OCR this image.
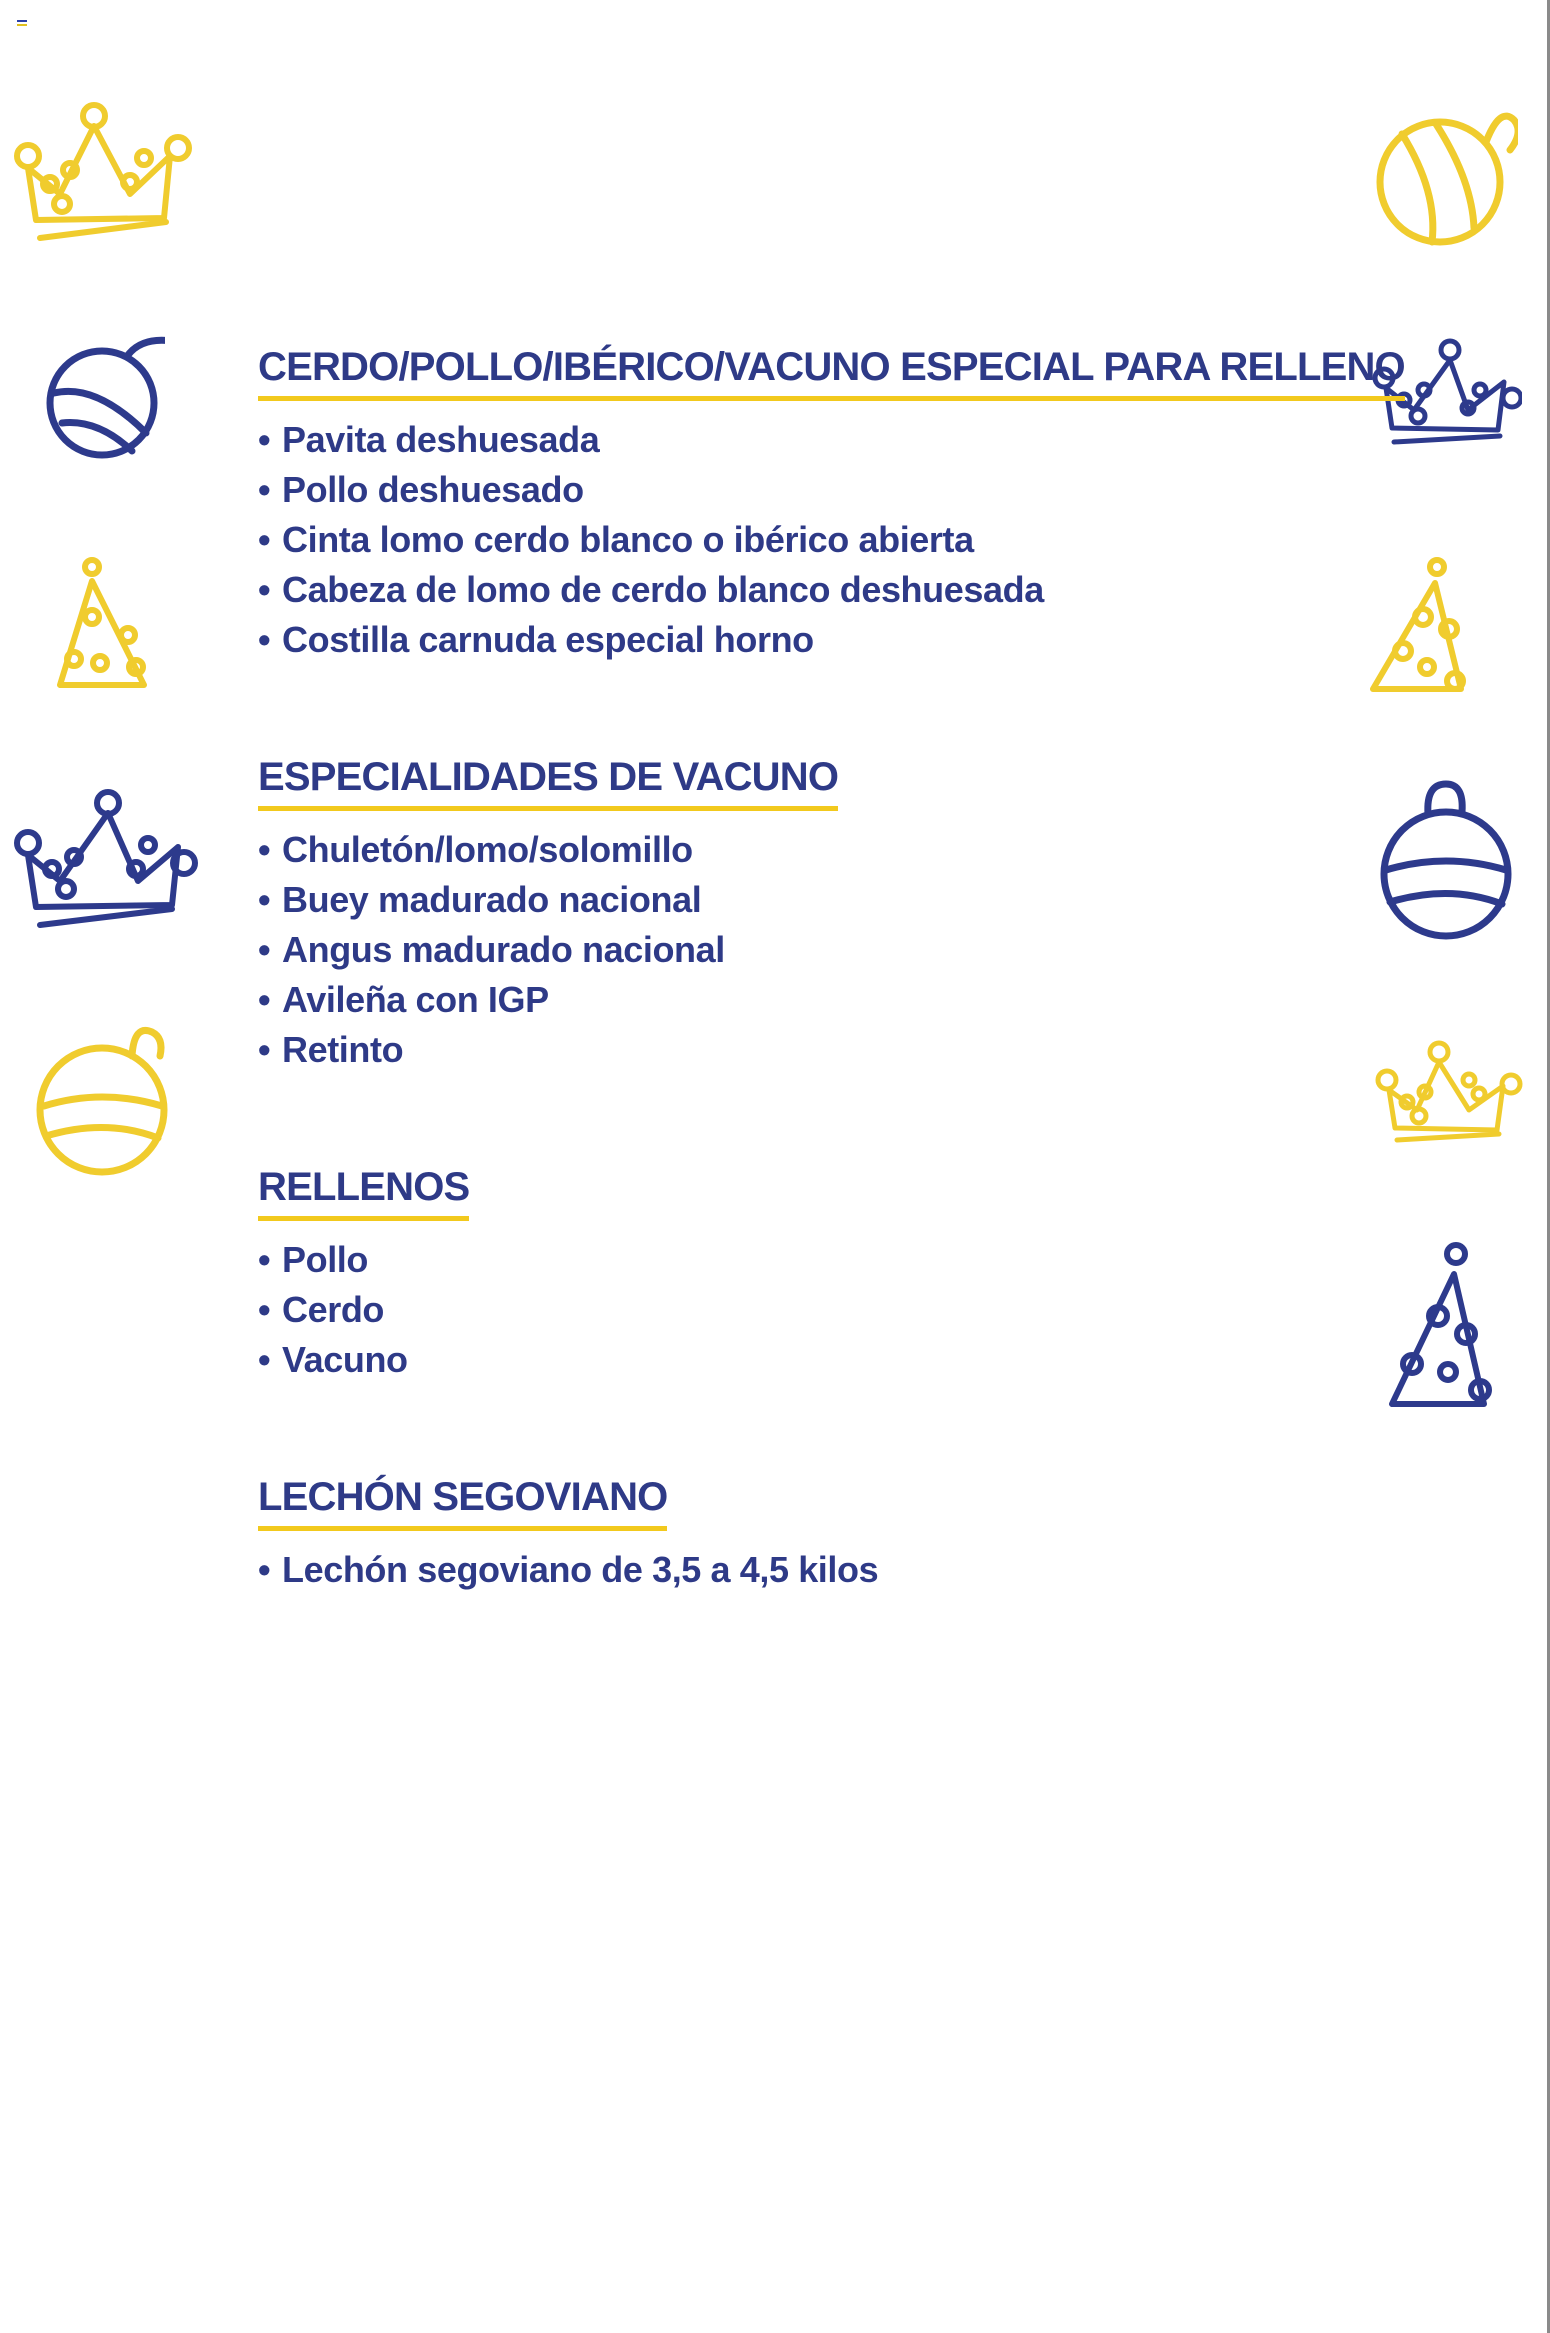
CERDO/POLLO/IBÉRICO/VACUNO ESPECIAL PARA RELLENO
• Pavita deshuesada
• Pollo deshuesado
• Cinta lomo cerdo blanco o ibérico abierta
• Cabeza de lomo de cerdo blanco deshuesada
• Costilla carnuda especial horno
ESPECIALIDADES DE VACUNO
• Chuletón/lomo/solomillo
• Buey madurado nacional
• Angus madurado nacional
• Avileña con IGP
• Retinto
RELLENOS
• Pollo
• Cerdo
• Vacuno
LECHÓN SEGOVIANO
• Lechón segoviano de 3,5 a 4,5 kilos
